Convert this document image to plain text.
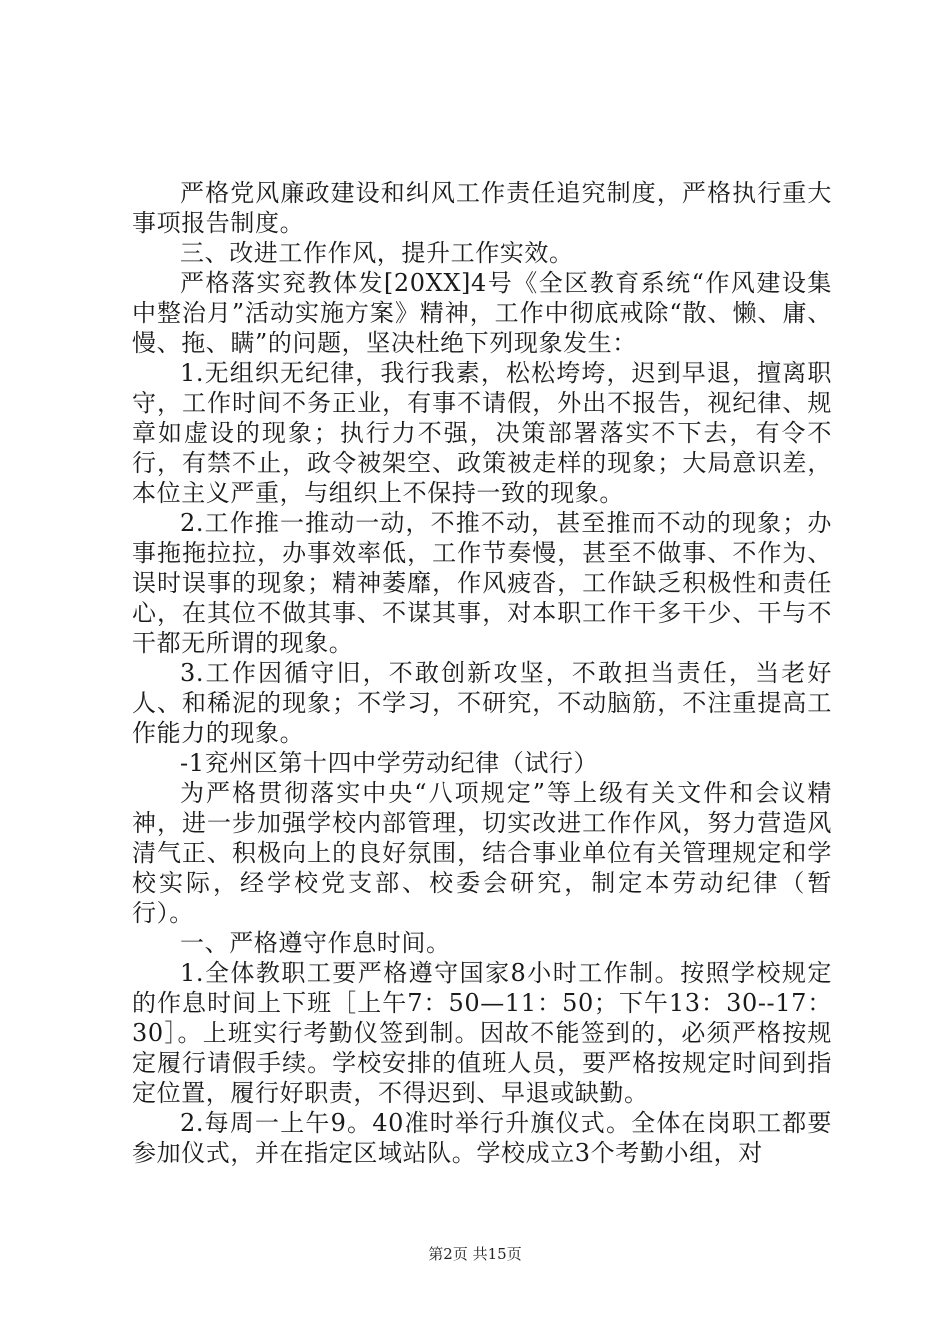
严格党风廉政建设和纠风工作责任追究制度，严格执行重大事项报告制度。

三、改进工作作风，提升工作实效。

严格落实兖教体发[20XX]4号《全区教育系统“作风建设集中整治月”活动实施方案》精神，工作中彻底戒除“散、懒、庸、慢、拖、瞒”的问题，坚决杜绝下列现象发生：

1.无组织无纪律，我行我素，松松垮垮，迟到早退，擅离职守，工作时间不务正业，有事不请假，外出不报告，视纪律、规章如虚设的现象；执行力不强，决策部署落实不下去，有令不行，有禁不止，政令被架空、政策被走样的现象；大局意识差，本位主义严重，与组织上不保持一致的现象。

2.工作推一推动一动，不推不动，甚至推而不动的现象；办事拖拖拉拉，办事效率低，工作节奏慢，甚至不做事、不作为、误时误事的现象；精神萎靡，作风疲沓，工作缺乏积极性和责任心，在其位不做其事、不谋其事，对本职工作干多干少、干与不干都无所谓的现象。

3.工作因循守旧，不敢创新攻坚，不敢担当责任，当老好人、和稀泥的现象；不学习，不研究，不动脑筋，不注重提高工作能力的现象。

-1兖州区第十四中学劳动纪律（试行）

为严格贯彻落实中央“八项规定”等上级有关文件和会议精神，进一步加强学校内部管理，切实改进工作作风，努力营造风清气正、积极向上的良好氛围，结合事业单位有关管理规定和学校实际，经学校党支部、校委会研究，制定本劳动纪律（暂行）。

一、严格遵守作息时间。

1.全体教职工要严格遵守国家8小时工作制。按照学校规定的作息时间上下班［上午7：50—11：50；下午13：30--17：30］。上班实行考勤仪签到制。因故不能签到的，必须严格按规定履行请假手续。学校安排的值班人员，要严格按规定时间到指定位置，履行好职责，不得迟到、早退或缺勤。

2.每周一上午9。40准时举行升旗仪式。全体在岗职工都要参加仪式，并在指定区域站队。学校成立3个考勤小组，对

第2页 共15页
